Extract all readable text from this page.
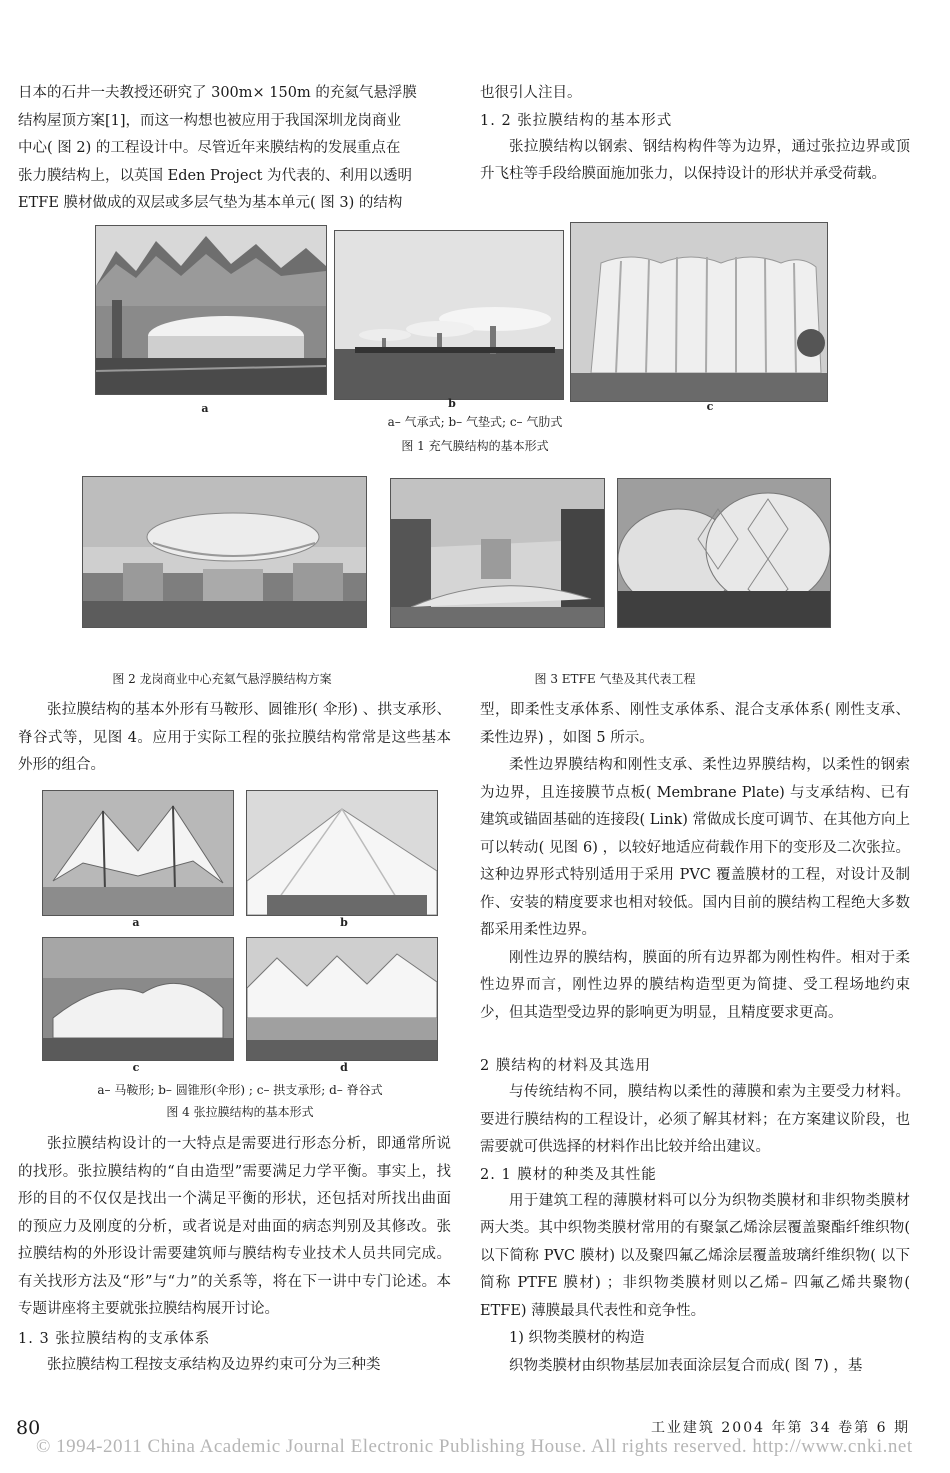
日本的石井一夫教授还研究了 300m× 150m 的充氦气悬浮膜

结构屋顶方案[1]，而这一构想也被应用于我国深圳龙岗商业

中心( 图 2) 的工程设计中。尽管近年来膜结构的发展重点在

张力膜结构上，以英国 Eden Project 为代表的、利用以透明

ETFE 膜材做成的双层或多层气垫为基本单元( 图 3) 的结构

也很引人注目。

1. 2 张拉膜结构的基本形式

张拉膜结构以钢索、钢结构构件等为边界，通过张拉边界或顶升飞柱等手段给膜面施加张力，以保持设计的形状并承受荷载。

a	b	c
a– 气承式; b– 气垫式; c– 气肋式
图 1 充气膜结构的基本形式
图 2 龙岗商业中心充氦气悬浮膜结构方案	图 3 ETFE 气垫及其代表工程

张拉膜结构的基本外形有马鞍形、圆锥形( 伞形) 、拱支承形、脊谷式等，见图 4。应用于实际工程的张拉膜结构常常是这些基本外形的组合。

a	b
c	d
a– 马鞍形; b– 圆锥形(伞形) ; c– 拱支承形; d– 脊谷式
图 4 张拉膜结构的基本形式

张拉膜结构设计的一大特点是需要进行形态分析，即通常所说的找形。张拉膜结构的“自由造型”需要满足力学平衡。事实上，找形的目的不仅仅是找出一个满足平衡的形状，还包括对所找出曲面的预应力及刚度的分析，或者说是对曲面的病态判别及其修改。张拉膜结构的外形设计需要建筑师与膜结构专业技术人员共同完成。有关找形方法及“形”与“力”的关系等，将在下一讲中专门论述。本专题讲座将主要就张拉膜结构展开讨论。

1. 3 张拉膜结构的支承体系

张拉膜结构工程按支承结构及边界约束可分为三种类

型，即柔性支承体系、刚性支承体系、混合支承体系( 刚性支承、柔性边界) ，如图 5 所示。

柔性边界膜结构和刚性支承、柔性边界膜结构，以柔性的钢索为边界，且连接膜节点板( Membrane Plate) 与支承结构、已有建筑或锚固基础的连接段( Link) 常做成长度可调节、在其他方向上可以转动( 见图 6) ，以较好地适应荷载作用下的变形及二次张拉。这种边界形式特别适用于采用 PVC 覆盖膜材的工程，对设计及制作、安装的精度要求也相对较低。国内目前的膜结构工程绝大多数都采用柔性边界。

刚性边界的膜结构，膜面的所有边界都为刚性构件。相对于柔性边界而言，刚性边界的膜结构造型更为简捷、受工程场地约束少，但其造型受边界的影响更为明显，且精度要求更高。

2 膜结构的材料及其选用

与传统结构不同，膜结构以柔性的薄膜和索为主要受力材料。要进行膜结构的工程设计，必须了解其材料；在方案建议阶段，也需要就可供选择的材料作出比较并给出建议。

2. 1 膜材的种类及其性能

用于建筑工程的薄膜材料可以分为织物类膜材和非织物类膜材两大类。其中织物类膜材常用的有聚氯乙烯涂层覆盖聚酯纤维织物( 以下简称 PVC 膜材) 以及聚四氟乙烯涂层覆盖玻璃纤维织物( 以下简称 PTFE 膜材) ；非织物类膜材则以乙烯– 四氟乙烯共聚物( ETFE) 薄膜最具代表性和竞争性。

1) 织物类膜材的构造

织物类膜材由织物基层加表面涂层复合而成( 图 7) ，基

80	工业建筑 2004 年第 34 卷第 6 期
© 1994-2011 China Academic Journal Electronic Publishing House. All rights reserved. http://www.cnki.net
